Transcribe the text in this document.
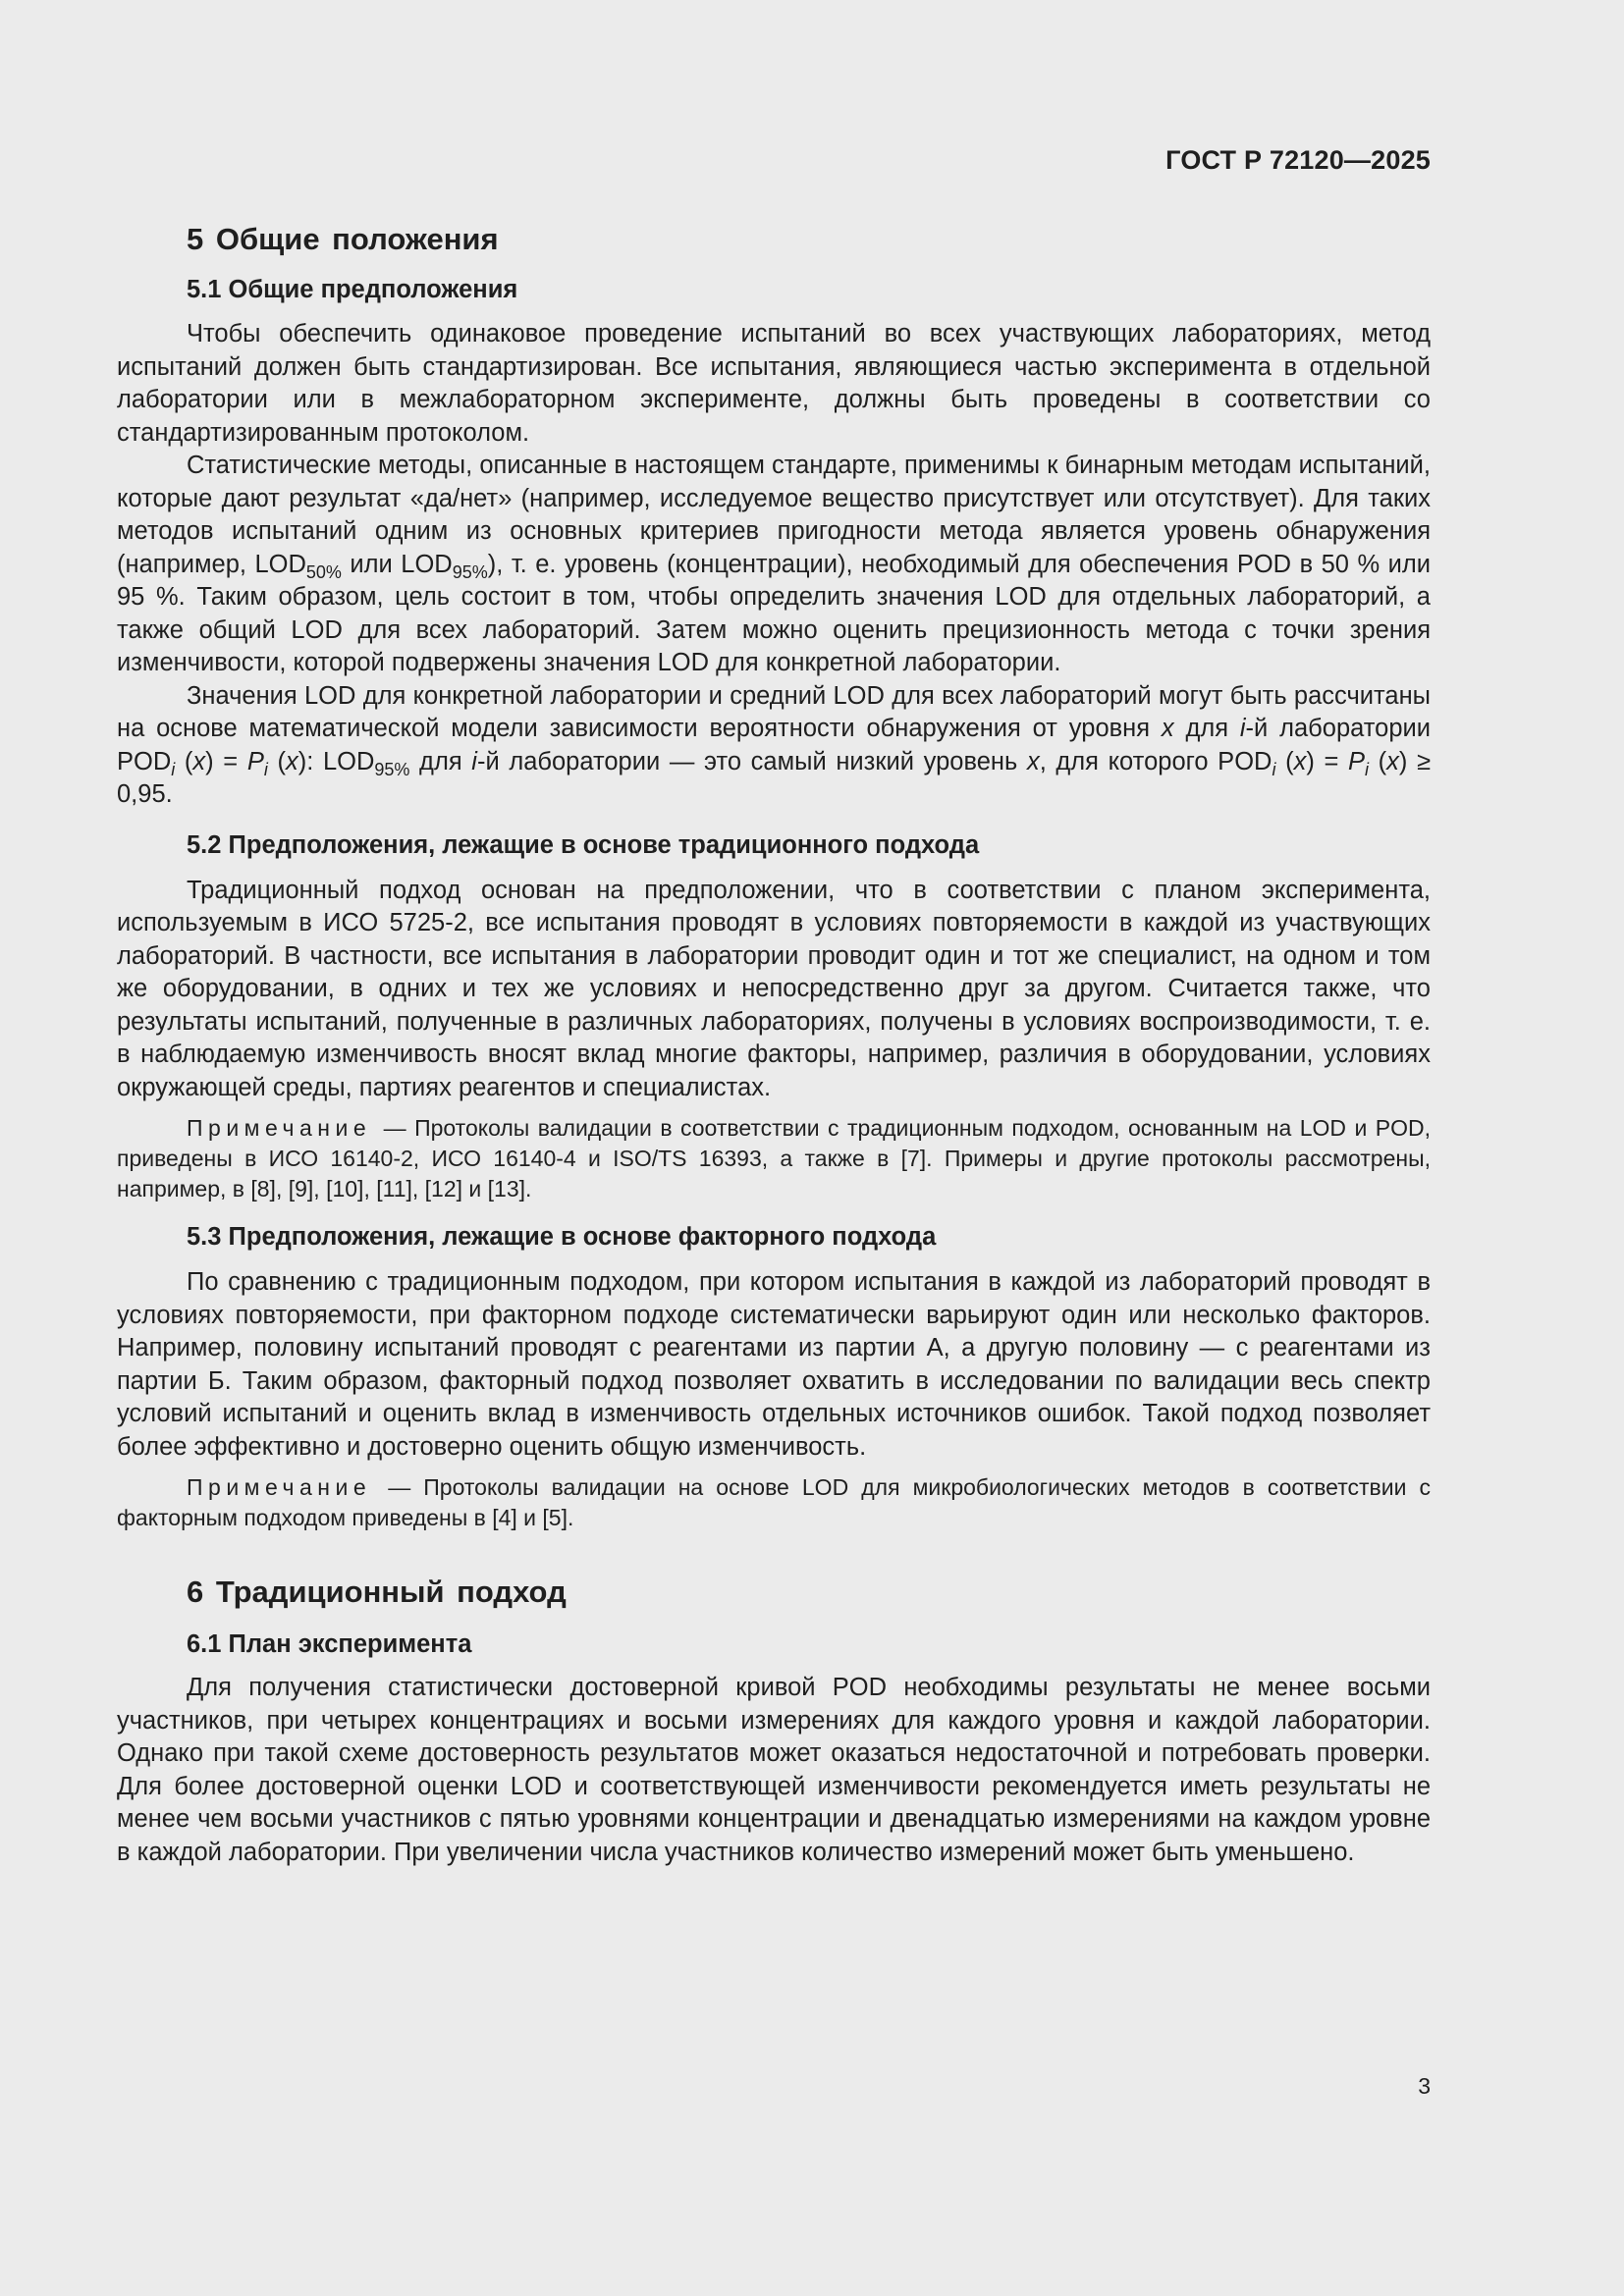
ГОСТ Р 72120—2025
5 Общие положения
5.1 Общие предположения

Чтобы обеспечить одинаковое проведение испытаний во всех участвующих лабораториях, метод испытаний должен быть стандартизирован. Все испытания, являющиеся частью эксперимента в отдельной лаборатории или в межлабораторном эксперименте, должны быть проведены в соответствии со стандартизированным протоколом.

Статистические методы, описанные в настоящем стандарте, применимы к бинарным методам испытаний, которые дают результат «да/нет» (например, исследуемое вещество присутствует или отсутствует). Для таких методов испытаний одним из основных критериев пригодности метода является уровень обнаружения (например, $LOD_{50\%}$ или $LOD_{95\%}$), т. е. уровень (концентрации), необходимый для обеспечения POD в 50 % или 95 %. Таким образом, цель состоит в том, чтобы определить значения LOD для отдельных лабораторий, а также общий LOD для всех лабораторий. Затем можно оценить прецизионность метода с точки зрения изменчивости, которой подвержены значения LOD для конкретной лаборатории.

Значения LOD для конкретной лаборатории и средний LOD для всех лабораторий могут быть рассчитаны на основе математической модели зависимости вероятности обнаружения от уровня x для i-й лаборатории $POD_i$ $(x) = P_i$ (x): $LOD_{95\%}$ для i-й лаборатории — это самый низкий уровень x, для которого $POD_i$ $(x) = P_i$ (x) ≥ 0,95.

5.2 Предположения, лежащие в основе традиционного подхода

Традиционный подход основан на предположении, что в соответствии с планом эксперимента, используемым в ИСО 5725-2, все испытания проводят в условиях повторяемости в каждой из участвующих лабораторий. В частности, все испытания в лаборатории проводит один и тот же специалист, на одном и том же оборудовании, в одних и тех же условиях и непосредственно друг за другом. Считается также, что результаты испытаний, полученные в различных лабораториях, получены в условиях воспроизводимости, т. е. в наблюдаемую изменчивость вносят вклад многие факторы, например, различия в оборудовании, условиях окружающей среды, партиях реагентов и специалистах.

Примечание — Протоколы валидации в соответствии с традиционным подходом, основанным на LOD и POD, приведены в ИСО 16140-2, ИСО 16140-4 и ISO/TS 16393, а также в [7]. Примеры и другие протоколы рассмотрены, например, в [8], [9], [10], [11], [12] и [13].

5.3 Предположения, лежащие в основе факторного подхода

По сравнению с традиционным подходом, при котором испытания в каждой из лабораторий проводят в условиях повторяемости, при факторном подходе систематически варьируют один или несколько факторов. Например, половину испытаний проводят с реагентами из партии А, а другую половину — с реагентами из партии Б. Таким образом, факторный подход позволяет охватить в исследовании по валидации весь спектр условий испытаний и оценить вклад в изменчивость отдельных источников ошибок. Такой подход позволяет более эффективно и достоверно оценить общую изменчивость.

Примечание — Протоколы валидации на основе LOD для микробиологических методов в соответствии с факторным подходом приведены в [4] и [5].

6 Традиционный подход
6.1 План эксперимента

Для получения статистически достоверной кривой POD необходимы результаты не менее восьми участников, при четырех концентрациях и восьми измерениях для каждого уровня и каждой лаборатории. Однако при такой схеме достоверность результатов может оказаться недостаточной и потребовать проверки. Для более достоверной оценки LOD и соответствующей изменчивости рекомендуется иметь результаты не менее чем восьми участников с пятью уровнями концентрации и двенадцатью измерениями на каждом уровне в каждой лаборатории. При увеличении числа участников количество измерений может быть уменьшено.

3
